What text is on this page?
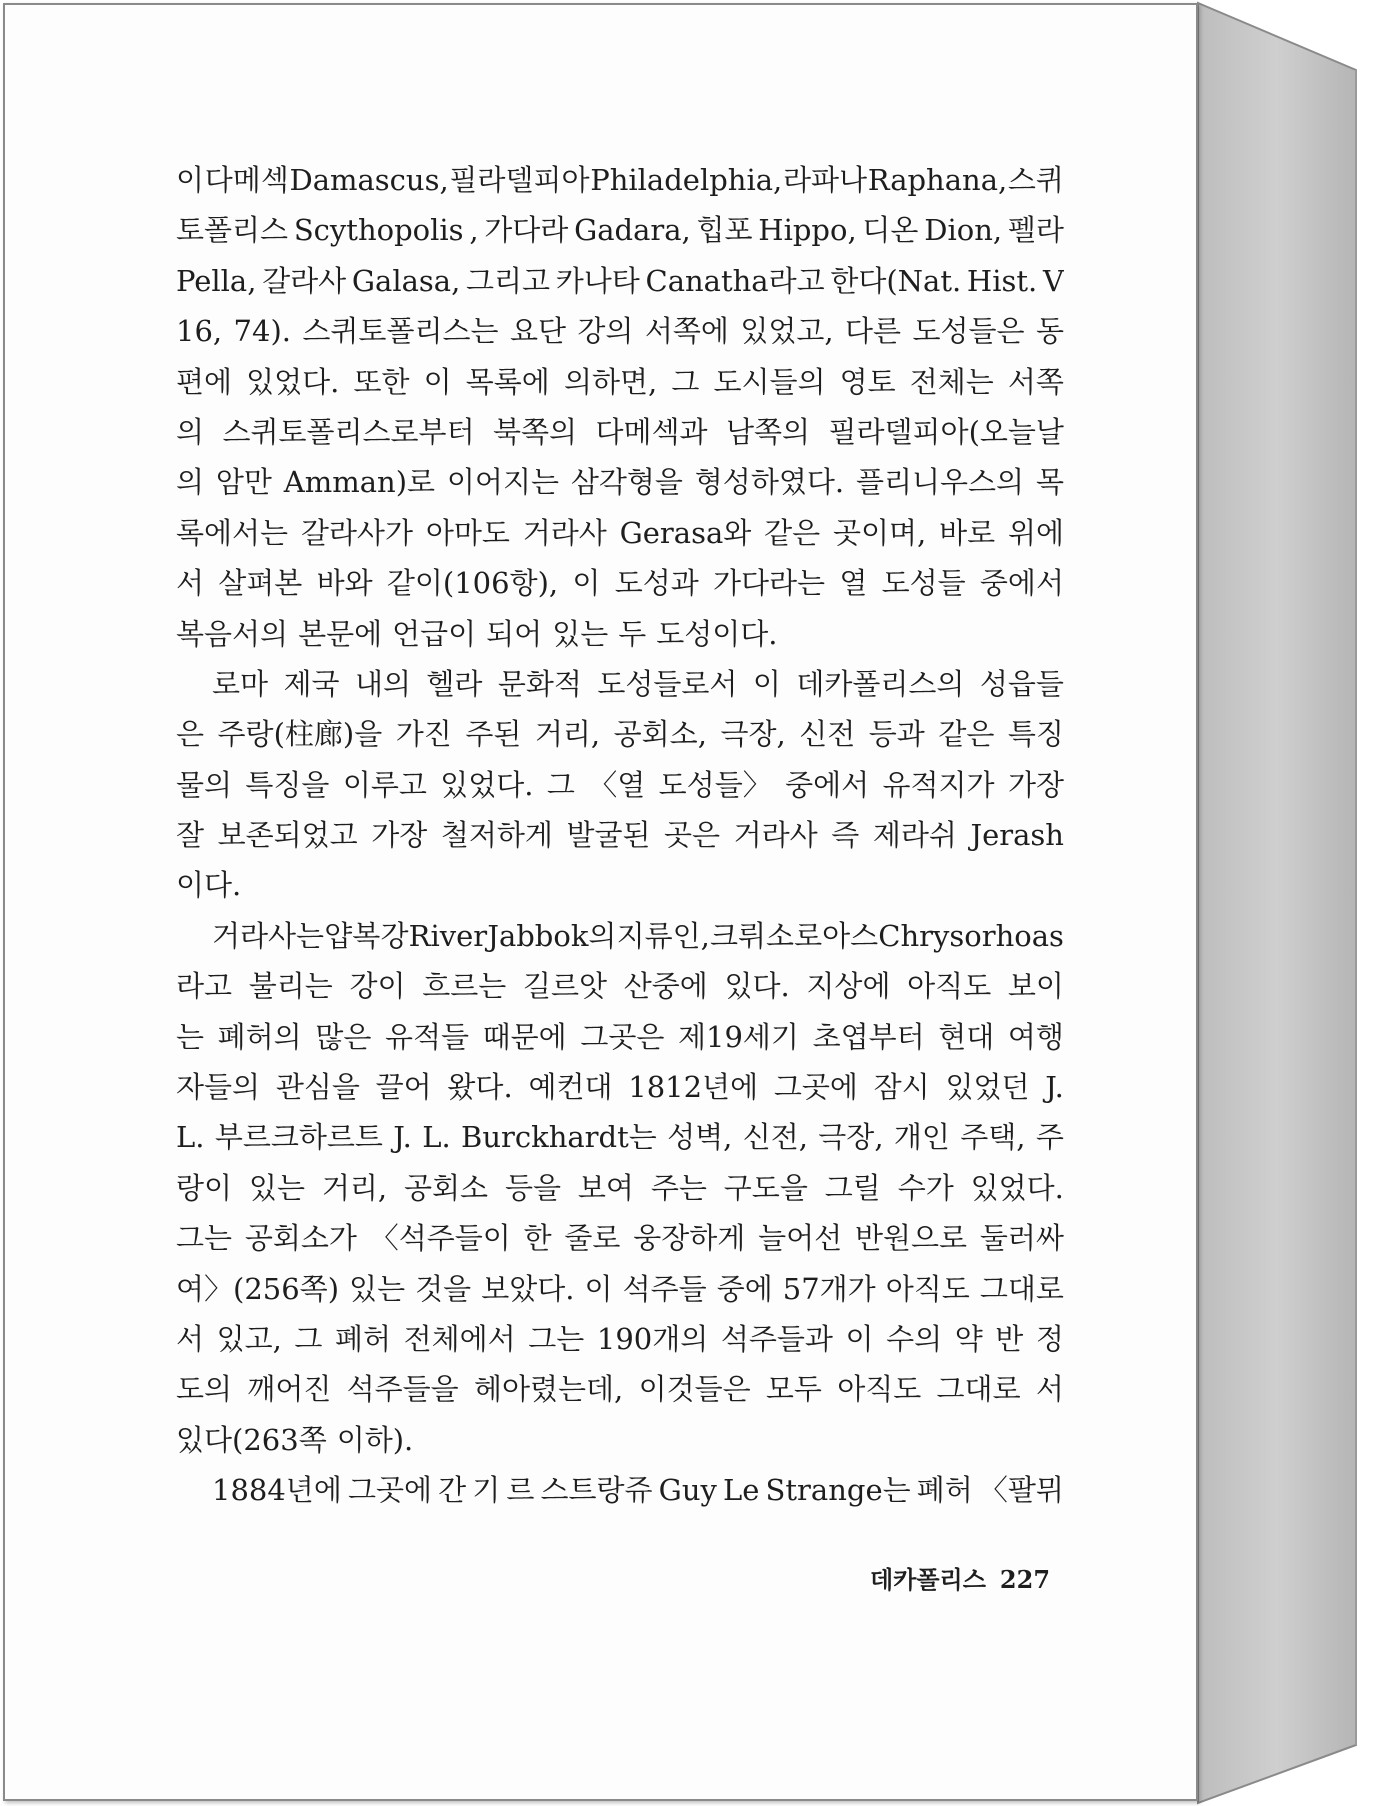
이 다메섹 Damascus, 필라델피아 Philadelphia, 라파나 Raphana, 스퀴
토폴리스 Scythopolis , 가다라 Gadara, 힙포 Hippo, 디온 Dion, 펠라
Pella, 갈라사 Galasa, 그리고 카나타 Canatha라고 한다(Nat. Hist. V
16, 74). 스퀴토폴리스는 요단 강의 서쪽에 있었고, 다른 도성들은 동
편에 있었다. 또한 이 목록에 의하면, 그 도시들의 영토 전체는 서쪽
의 스퀴토폴리스로부터 북쪽의 다메섹과 남쪽의 필라델피아(오늘날
의 암만 Amman)로 이어지는 삼각형을 형성하였다. 플리니우스의 목
록에서는 갈라사가 아마도 거라사 Gerasa와 같은 곳이며, 바로 위에
서 살펴본 바와 같이(106항), 이 도성과 가다라는 열 도성들 중에서
복음서의 본문에 언급이 되어 있는 두 도성이다.
로마 제국 내의 헬라 문화적 도성들로서 이 데카폴리스의 성읍들
은 주랑(柱廊)을 가진 주된 거리, 공회소, 극장, 신전 등과 같은 특징
물의 특징을 이루고 있었다. 그 〈열 도성들〉 중에서 유적지가 가장
잘 보존되었고 가장 철저하게 발굴된 곳은 거라사 즉 제라쉬 Jerash
이다.
거라사는 얍복 강 River Jabbok의 지류인, 크뤼소로아스 Chrysorhoas
라고 불리는 강이 흐르는 길르앗 산중에 있다. 지상에 아직도 보이
는 폐허의 많은 유적들 때문에 그곳은 제19세기 초엽부터 현대 여행
자들의 관심을 끌어 왔다. 예컨대 1812년에 그곳에 잠시 있었던 J.
L. 부르크하르트 J. L. Burckhardt는 성벽, 신전, 극장, 개인 주택, 주
랑이 있는 거리, 공회소 등을 보여 주는 구도을 그릴 수가 있었다.
그는 공회소가 〈석주들이 한 줄로 웅장하게 늘어선 반원으로 둘러싸
여〉(256쪽) 있는 것을 보았다. 이 석주들 중에 57개가 아직도 그대로
서 있고, 그 폐허 전체에서 그는 190개의 석주들과 이 수의 약 반 정
도의 깨어진 석주들을 헤아렸는데, 이것들은 모두 아직도 그대로 서
있다(263쪽 이하).
1884년에 그곳에 간 기 르 스트랑쥬 Guy Le Strange는 폐허 〈팔뮈
데카폴리스 227
